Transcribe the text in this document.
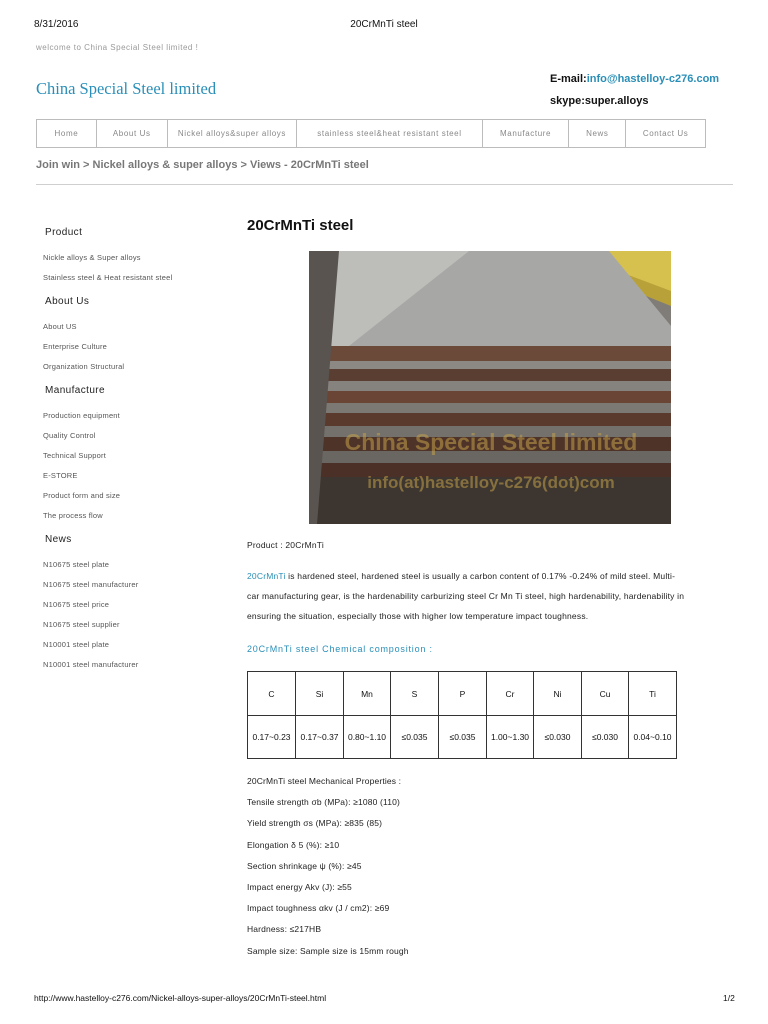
8/31/2016	20CrMnTi steel
welcome to China Special Steel limited !
China Special Steel limited	E-mail:info@hastelloy-c276.com
skype:super.alloys
Home	About Us	Nickel alloys&super alloys	stainless steel&heat resistant steel	Manufacture	News	Contact Us
Join win > Nickel alloys & super alloys > Views - 20CrMnTi steel
Product
Nickle alloys & Super alloys
Stainless steel & Heat resistant steel
About Us
About US
Enterprise Culture
Organization Structural
Manufacture
Production equipment
Quality Control
Technical Support
E-STORE
Product form and size
The process flow
News
N10675 steel plate
N10675 steel manufacturer
N10675 steel price
N10675 steel supplier
N10001 steel plate
N10001 steel manufacturer
20CrMnTi steel
China Special Steel limited
info(at)hastelloy-c276(dot)com
Product : 20CrMnTi
20CrMnTi is hardened steel, hardened steel is usually a carbon content of 0.17% -0.24% of mild steel. Multi-
car manufacturing gear, is the hardenability carburizing steel Cr Mn Ti steel, high hardenability, hardenability in
ensuring the situation, especially those with higher low temperature impact toughness.
20CrMnTi steel Chemical composition :
C	Si	Mn	S	P	Cr	Ni	Cu	Ti
0.17~0.23	0.17~0.37	0.80~1.10	≤0.035	≤0.035	1.00~1.30	≤0.030	≤0.030	0.04~0.10
20CrMnTi steel Mechanical Properties :
Tensile strength σb (MPa): ≥1080 (110)
Yield strength σs (MPa): ≥835 (85)
Elongation δ 5 (%): ≥10
Section shrinkage ψ (%): ≥45
Impact energy Akv (J): ≥55
Impact toughness αkv (J / cm2): ≥69
Hardness: ≤217HB
Sample size: Sample size is 15mm rough
http://www.hastelloy-c276.com/Nickel-alloys-super-alloys/20CrMnTi-steel.html	1/2
